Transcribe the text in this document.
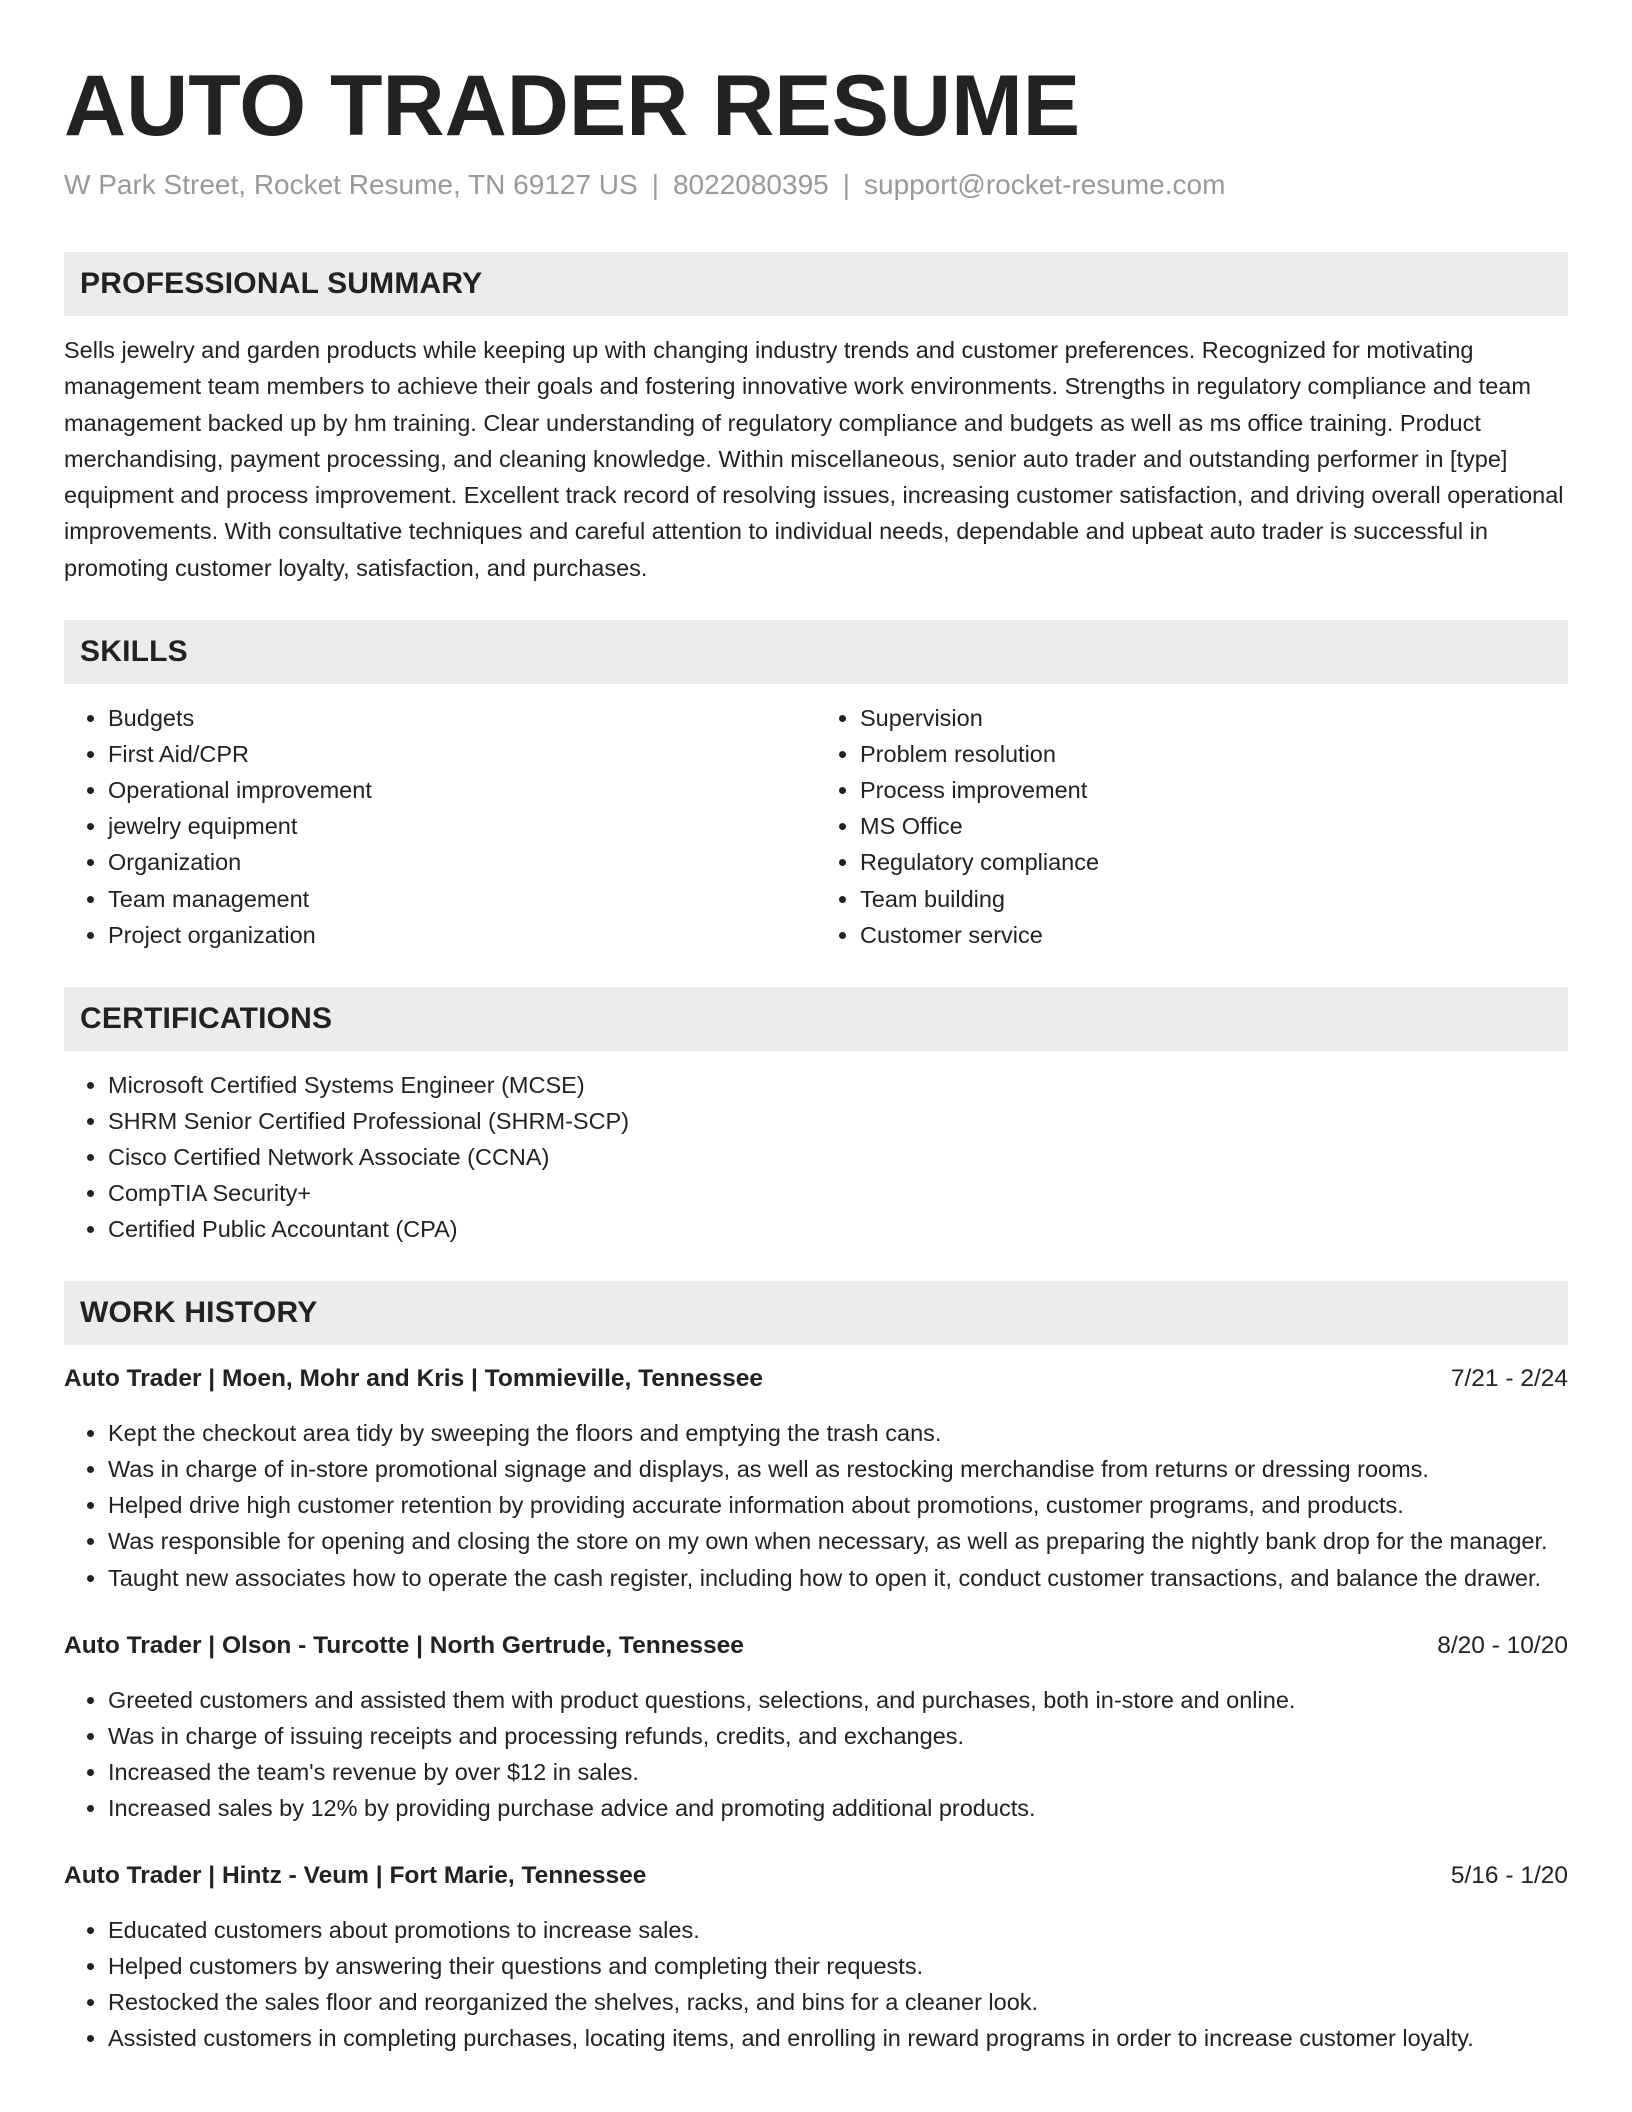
AUTO TRADER RESUME
W Park Street, Rocket Resume, TN 69127 US | 8022080395 | support@rocket-resume.com
PROFESSIONAL SUMMARY

Sells jewelry and garden products while keeping up with changing industry trends and customer preferences. Recognized for motivating management team members to achieve their goals and fostering innovative work environments. Strengths in regulatory compliance and team management backed up by hm training. Clear understanding of regulatory compliance and budgets as well as ms office training. Product merchandising, payment processing, and cleaning knowledge. Within miscellaneous, senior auto trader and outstanding performer in [type] equipment and process improvement. Excellent track record of resolving issues, increasing customer satisfaction, and driving overall operational improvements. With consultative techniques and careful attention to individual needs, dependable and upbeat auto trader is successful in promoting customer loyalty, satisfaction, and purchases.

SKILLS
• Budgets
• First Aid/CPR
• Operational improvement
• jewelry equipment
• Organization
• Team management
• Project organization
• Supervision
• Problem resolution
• Process improvement
• MS Office
• Regulatory compliance
• Team building
• Customer service
CERTIFICATIONS
• Microsoft Certified Systems Engineer (MCSE)
• SHRM Senior Certified Professional (SHRM-SCP)
• Cisco Certified Network Associate (CCNA)
• CompTIA Security+
• Certified Public Accountant (CPA)
WORK HISTORY
Auto Trader | Moen, Mohr and Kris | Tommieville, Tennessee	7/21 - 2/24
• Kept the checkout area tidy by sweeping the floors and emptying the trash cans.
• Was in charge of in-store promotional signage and displays, as well as restocking merchandise from returns or dressing rooms.
• Helped drive high customer retention by providing accurate information about promotions, customer programs, and products.
• Was responsible for opening and closing the store on my own when necessary, as well as preparing the nightly bank drop for the manager.
• Taught new associates how to operate the cash register, including how to open it, conduct customer transactions, and balance the drawer.
Auto Trader | Olson - Turcotte | North Gertrude, Tennessee	8/20 - 10/20
• Greeted customers and assisted them with product questions, selections, and purchases, both in-store and online.
• Was in charge of issuing receipts and processing refunds, credits, and exchanges.
• Increased the team's revenue by over $12 in sales.
• Increased sales by 12% by providing purchase advice and promoting additional products.
Auto Trader | Hintz - Veum | Fort Marie, Tennessee	5/16 - 1/20
• Educated customers about promotions to increase sales.
• Helped customers by answering their questions and completing their requests.
• Restocked the sales floor and reorganized the shelves, racks, and bins for a cleaner look.
• Assisted customers in completing purchases, locating items, and enrolling in reward programs in order to increase customer loyalty.
